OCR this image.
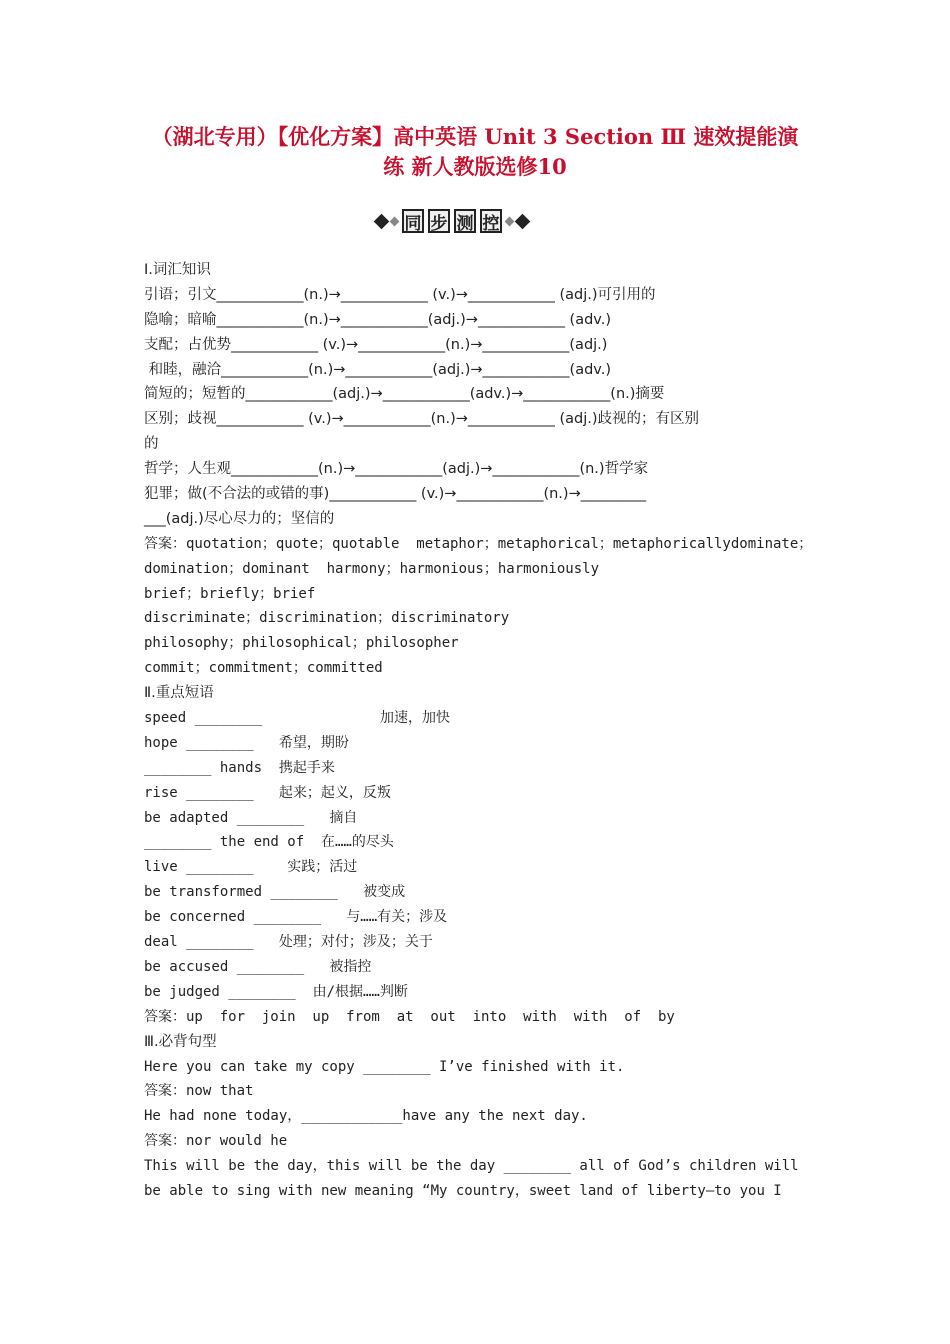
（湖北专用）【优化方案】高中英语 Unit 3 Section Ⅲ 速效提能演
练 新人教版选修10
同 步 测 控
Ⅰ.词汇知识
引语；引文____________(n.)→____________ (v.)→____________ (adj.)可引用的
隐喻；暗喻____________(n.)→____________(adj.)→____________ (adv.)
支配；占优势____________ (v.)→____________(n.)→____________(adj.)
和睦，融洽____________(n.)→____________(adj.)→____________(adv.)
简短的；短暂的____________(adj.)→____________(adv.)→____________(n.)摘要
区别；歧视____________ (v.)→____________(n.)→____________ (adj.)歧视的；有区别
的
哲学；人生观____________(n.)→____________(adj.)→____________(n.)哲学家
犯罪；做(不合法的或错的事)____________ (v.)→____________(n.)→_________
___(adj.)尽心尽力的；坚信的
答案：quotation；quote；quotable  metaphor；metaphorical；metaphoricallydominate；
domination；dominant  harmony；harmonious；harmoniously
brief；briefly；brief
discriminate；discrimination；discriminatory
philosophy；philosophical；philosopher
commit；commitment；committed
Ⅱ.重点短语
speed ________              加速，加快
hope ________   希望，期盼
________ hands  携起手来
rise ________   起来；起义，反叛
be adapted ________   摘自
________ the end of  在……的尽头
live ________    实践；活过
be transformed ________   被变成
be concerned ________   与……有关；涉及
deal ________   处理；对付；涉及；关于
be accused ________   被指控
be judged ________  由/根据……判断
答案：up  for  join  up  from  at  out  into  with  with  of  by
Ⅲ.必背句型
Here you can take my copy ________ I’ve finished with it.
答案：now that
He had none today，____________have any the next day.
答案：nor would he
This will be the day，this will be the day ________ all of God’s children will
be able to sing with new meaning “My country，sweet land of liberty—to you I
